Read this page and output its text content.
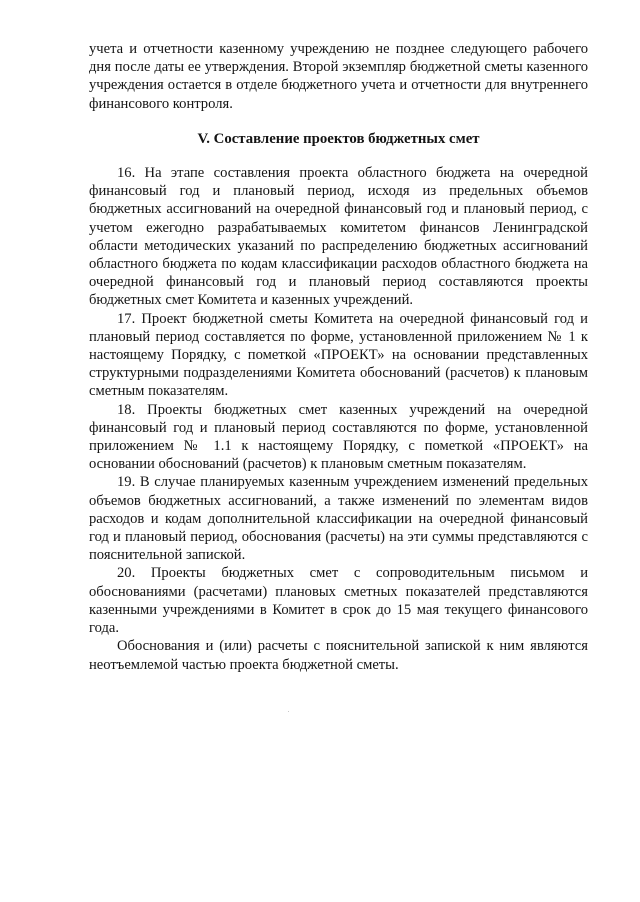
учета и отчетности казенному учреждению не позднее следующего рабочего дня после даты ее утверждения. Второй экземпляр бюджетной сметы казенного учреждения остается в отделе бюджетного учета и отчетности для внутреннего финансового контроля.

V. Составление проектов бюджетных смет

16. На этапе составления проекта областного бюджета на очередной финансовый год и плановый период, исходя из предельных объемов бюджетных ассигнований на очередной финансовый год и плановый период, с учетом ежегодно разрабатываемых комитетом финансов Ленинградской области методических указаний по распределению бюджетных ассигнований областного бюджета по кодам классификации расходов областного бюджета на очередной финансовый год и плановый период составляются проекты бюджетных смет Комитета и казенных учреждений.

17. Проект бюджетной сметы Комитета на очередной финансовый год и плановый период составляется по форме, установленной приложением № 1 к настоящему Порядку, с пометкой «ПРОЕКТ» на основании представленных структурными подразделениями Комитета обоснований (расчетов) к плановым сметным показателям.

18. Проекты бюджетных смет казенных учреждений на очередной финансовый год и плановый период составляются по форме, установленной приложением № 1.1 к настоящему Порядку, с пометкой «ПРОЕКТ» на основании обоснований (расчетов) к плановым сметным показателям.

19. В случае планируемых казенным учреждением изменений предельных объемов бюджетных ассигнований, а также изменений по элементам видов расходов и кодам дополнительной классификации на очередной финансовый год и плановый период, обоснования (расчеты) на эти суммы представляются с пояснительной запиской.

20. Проекты бюджетных смет с сопроводительным письмом и обоснованиями (расчетами) плановых сметных показателей представляются казенными учреждениями в Комитет в срок до 15 мая текущего финансового года.

Обоснования и (или) расчеты с пояснительной запиской к ним являются неотъемлемой частью проекта бюджетной сметы.
